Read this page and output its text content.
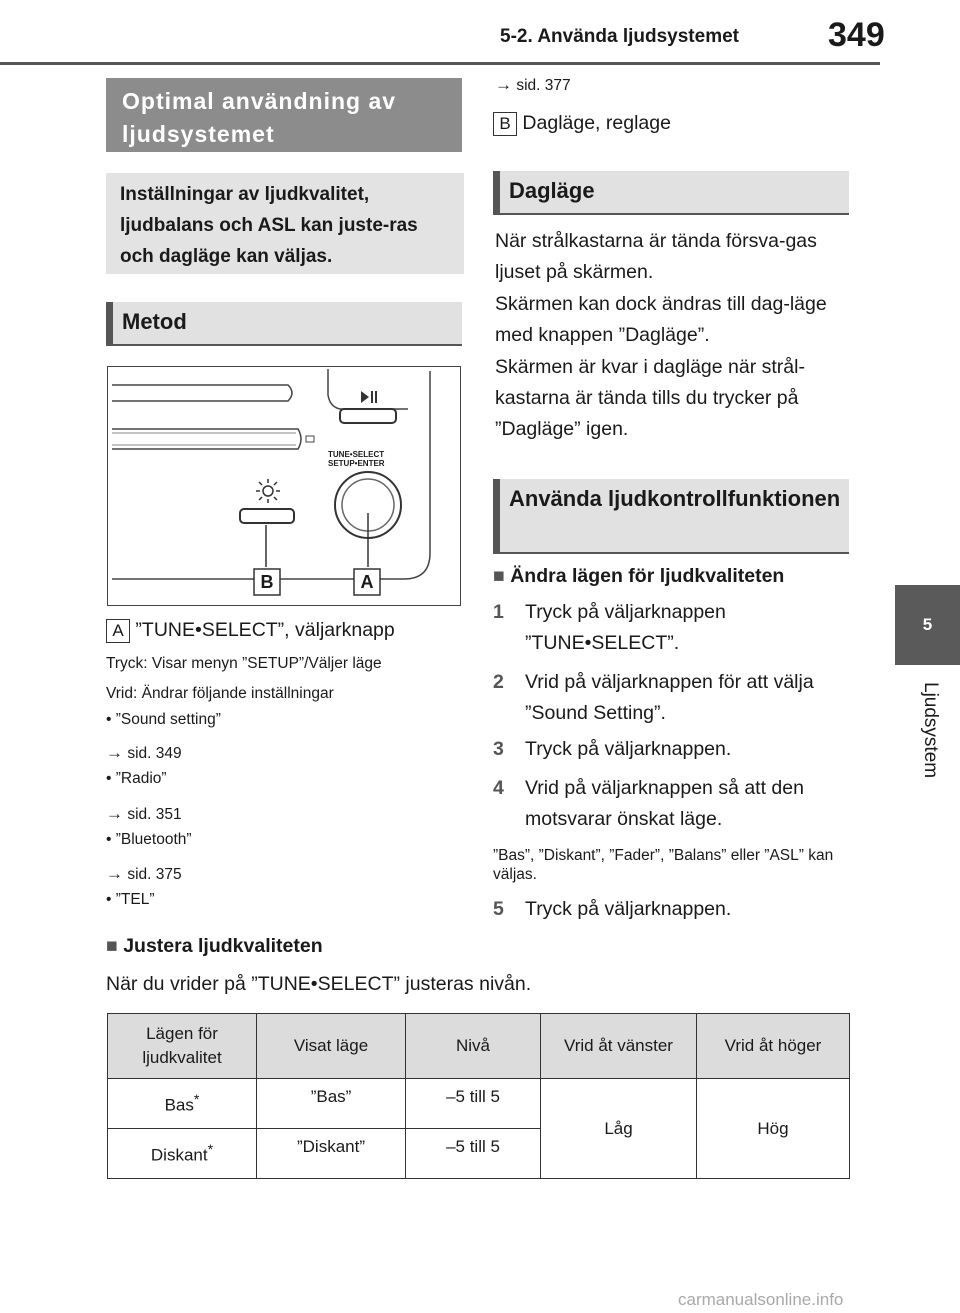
5-2. Använda ljudsystemet	349
5
Ljudsystem
Optimal användning av ljudsystemet
Inställningar av ljudkvalitet, ljudbalans och ASL kan juste-ras och dagläge kan väljas.
Metod
TUNE•SELECT
SETUP•ENTER
B	A
A ”TUNE•SELECT”, väljarknapp
Tryck: Visar menyn ”SETUP”/Väljer läge
Vrid: Ändrar följande inställningar
• ”Sound setting”
→ sid. 349
• ”Radio”
→ sid. 351
• ”Bluetooth”
→ sid. 375
• ”TEL”
■ Justera ljudkvaliteten
När du vrider på ”TUNE•SELECT” justeras nivån.
→ sid. 377
B Dagläge, reglage
Dagläge
När strålkastarna är tända försva-gas ljuset på skärmen.
Skärmen kan dock ändras till dag-läge med knappen ”Dagläge”.
Skärmen är kvar i dagläge när strål-kastarna är tända tills du trycker på ”Dagläge” igen.
Använda ljudkontrollfunktionen
■ Ändra lägen för ljudkvaliteten
1	Tryck på väljarknappen ”TUNE•SELECT”.
2	Vrid på väljarknappen för att välja ”Sound Setting”.
3	Tryck på väljarknappen.
4	Vrid på väljarknappen så att den motsvarar önskat läge.
”Bas”, ”Diskant”, ”Fader”, ”Balans” eller ”ASL” kan väljas.
5	Tryck på väljarknappen.
Lägen för ljudkvalitet	Visat läge	Nivå	Vrid åt vänster	Vrid åt höger
Bas*	”Bas”	–5 till 5	Låg	Hög
Diskant*	”Diskant”	–5 till 5		
carmanualsonline.info
